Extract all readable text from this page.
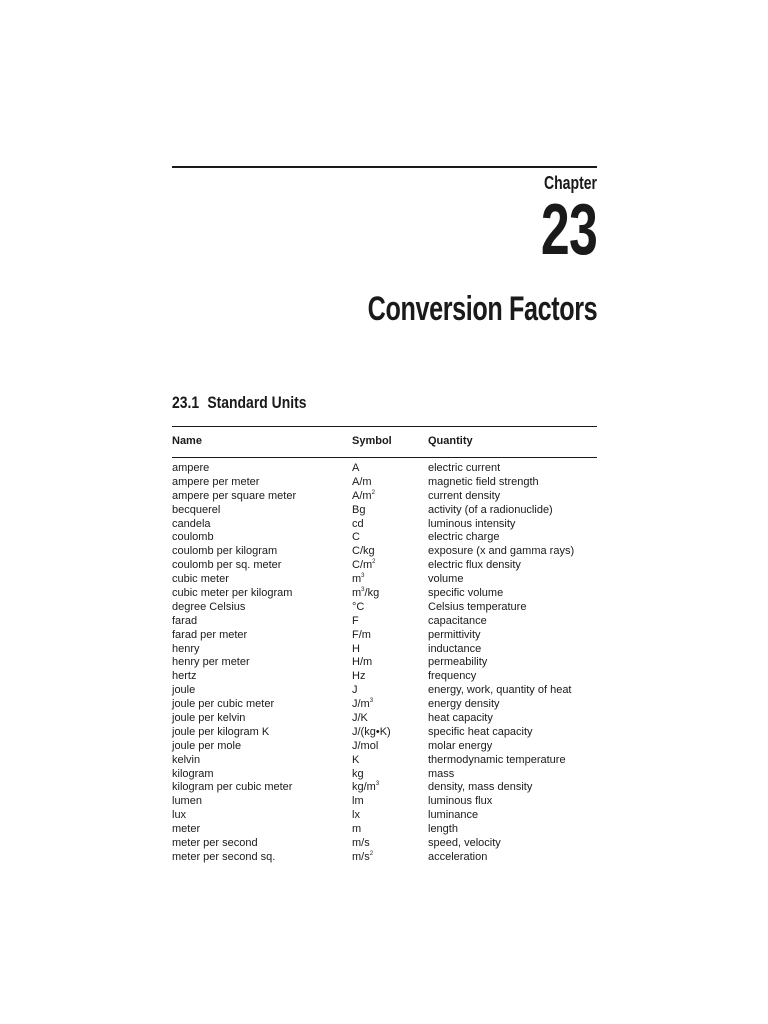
Chapter
23
Conversion Factors
23.1 Standard Units
Name	Symbol	Quantity
ampere	A	electric current
ampere per meter	A/m	magnetic field strength
ampere per square meter	$A/m^2$	current density
becquerel	Bg	activity (of a radionuclide)
candela	cd	luminous intensity
coulomb	C	electric charge
coulomb per kilogram	C/kg	exposure (x and gamma rays)
coulomb per sq. meter	$C/m^2$	electric flux density
cubic meter	$m^3$	volume
cubic meter per kilogram	$m^3/kg$	specific volume
degree Celsius	°C	Celsius temperature
farad	F	capacitance
farad per meter	F/m	permittivity
henry	H	inductance
henry per meter	H/m	permeability
hertz	Hz	frequency
joule	J	energy, work, quantity of heat
joule per cubic meter	$J/m^3$	energy density
joule per kelvin	J/K	heat capacity
joule per kilogram K	J/(kg•K)	specific heat capacity
joule per mole	J/mol	molar energy
kelvin	K	thermodynamic temperature
kilogram	kg	mass
kilogram per cubic meter	$kg/m^3$	density, mass density
lumen	lm	luminous flux
lux	lx	luminance
meter	m	length
meter per second	m/s	speed, velocity
meter per second sq.	$m/s^2$	acceleration
